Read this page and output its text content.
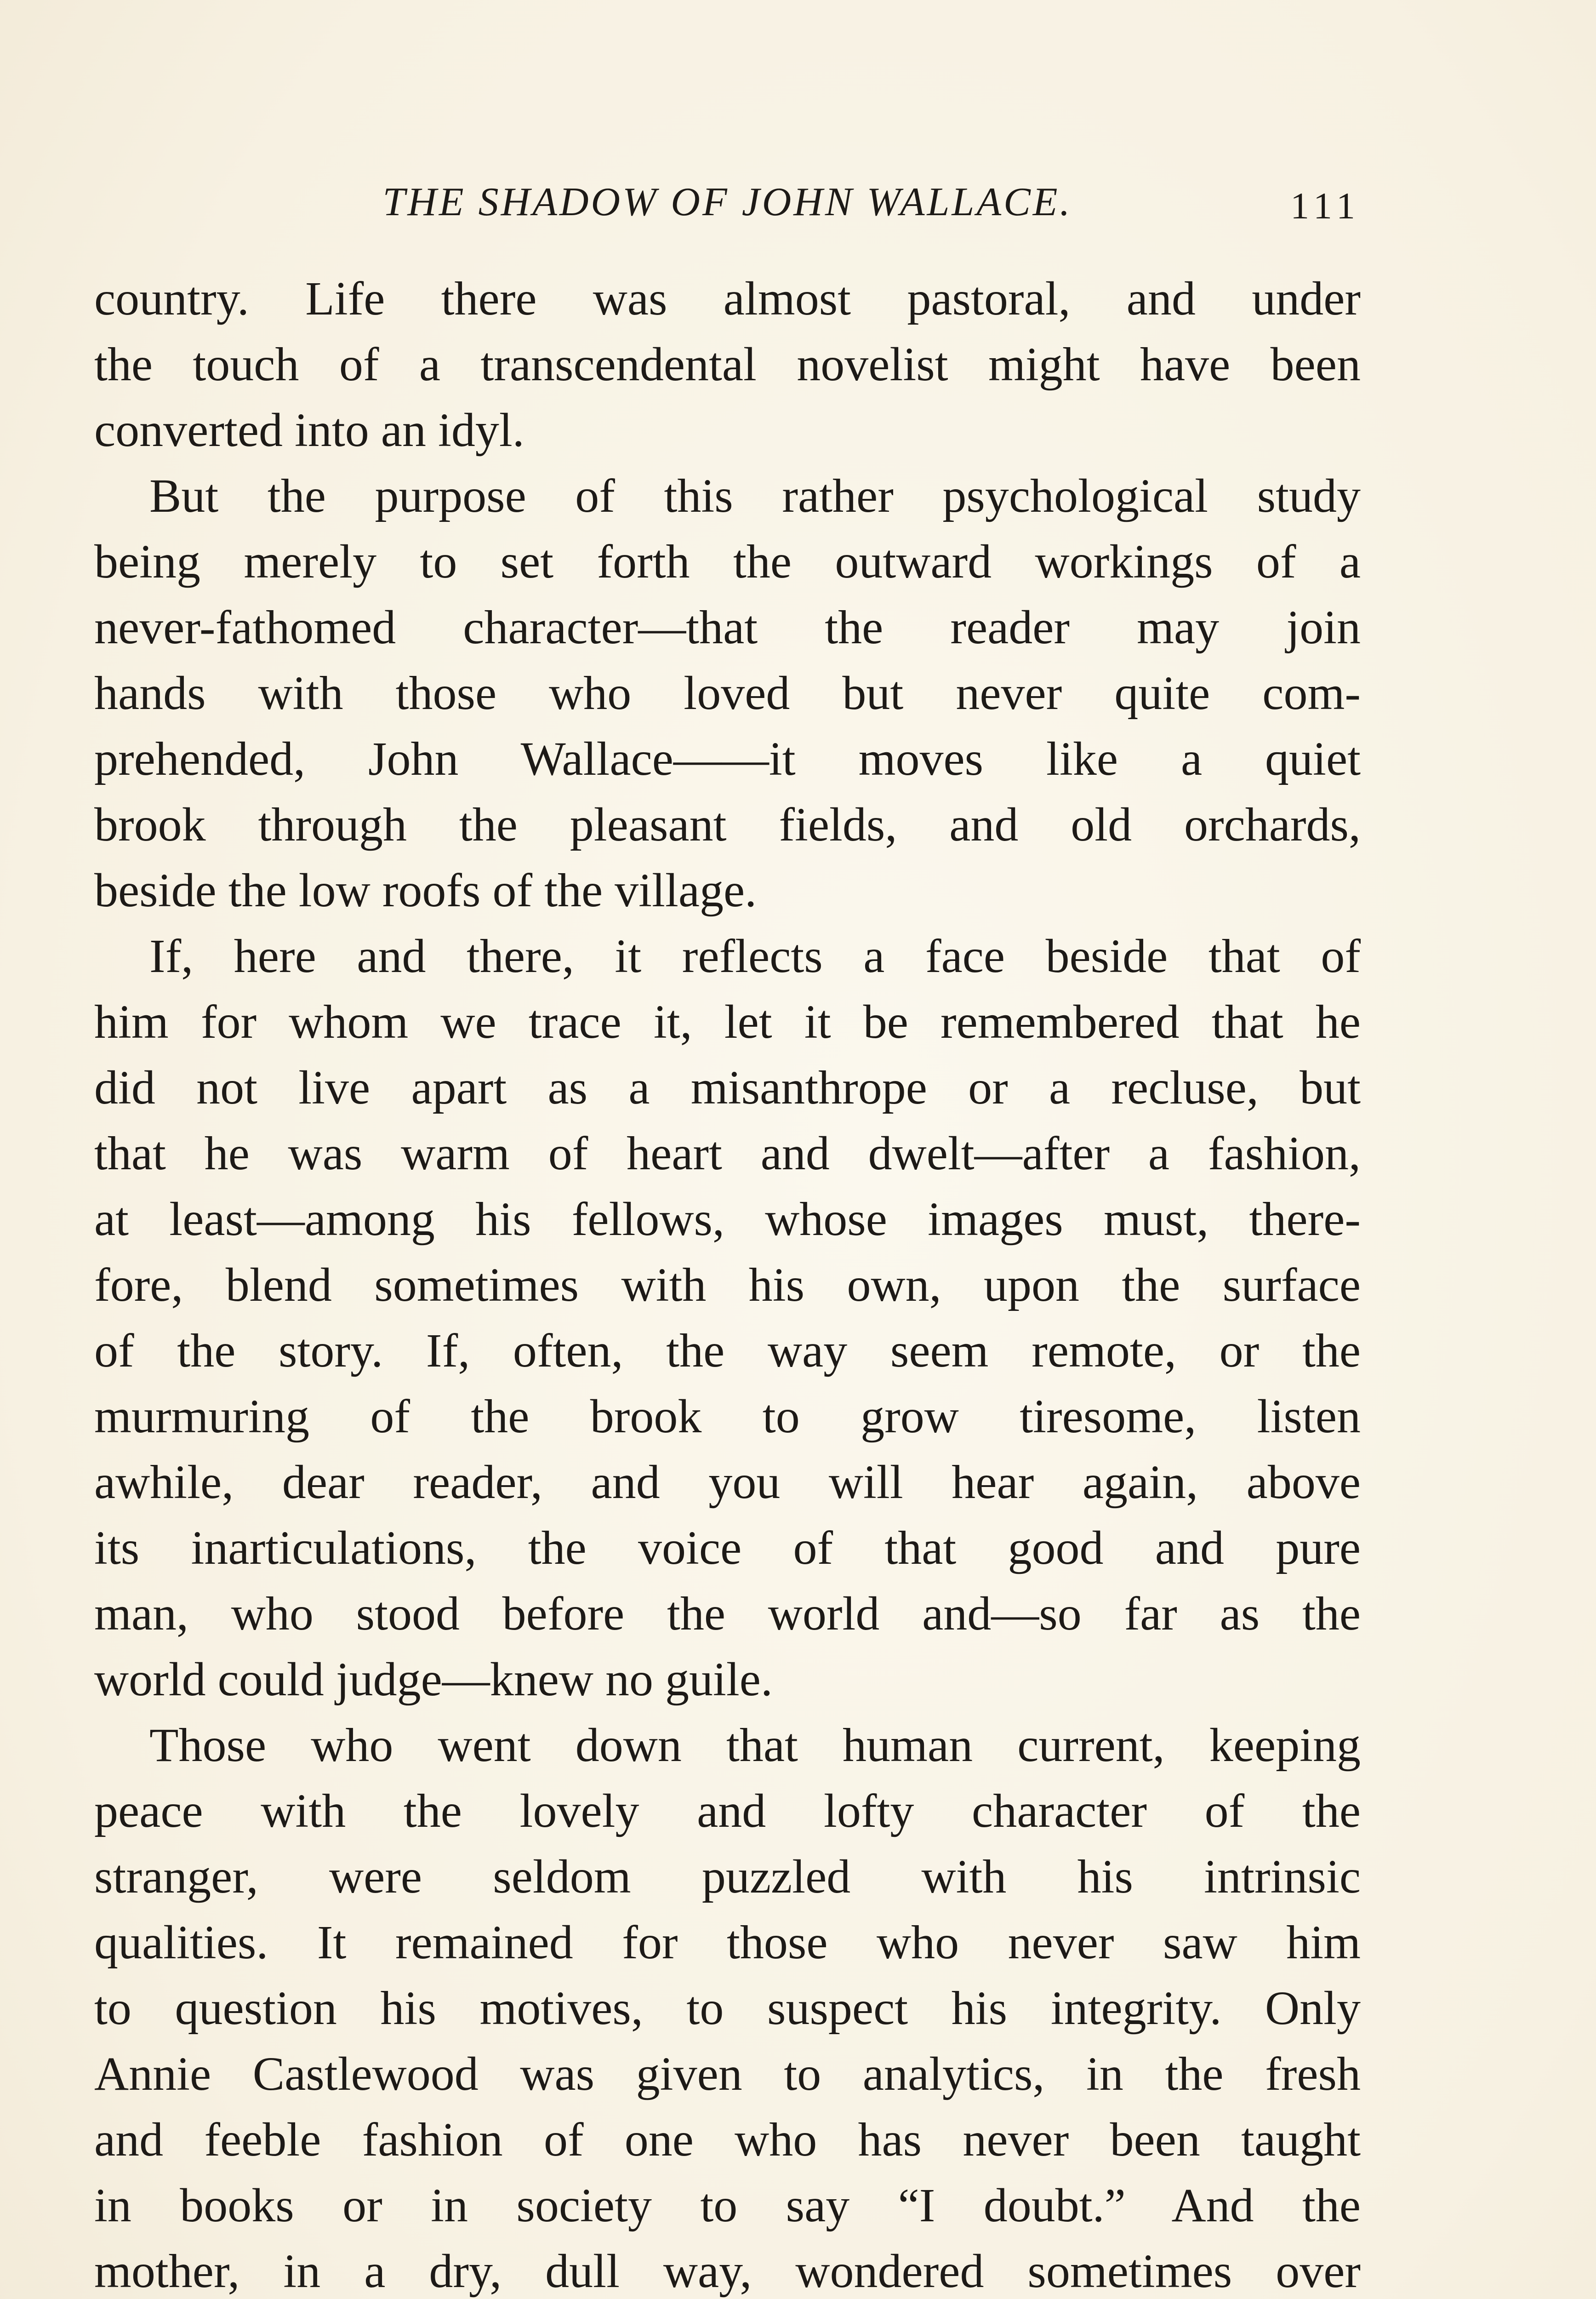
THE SHADOW OF JOHN WALLACE.	111
country. Life there was almost pastoral, and under
the touch of a transcendental novelist might have been
converted into an idyl.
But the purpose of this rather psychological study
being merely to set forth the outward workings of a
never-fathomed character—that the reader may join
hands with those who loved but never quite com-
prehended, John Wallace——it moves like a quiet
brook through the pleasant fields, and old orchards,
beside the low roofs of the village.
If, here and there, it reflects a face beside that of
him for whom we trace it, let it be remembered that he
did not live apart as a misanthrope or a recluse, but
that he was warm of heart and dwelt—after a fashion,
at least—among his fellows, whose images must, there-
fore, blend sometimes with his own, upon the surface
of the story. If, often, the way seem remote, or the
murmuring of the brook to grow tiresome, listen
awhile, dear reader, and you will hear again, above
its inarticulations, the voice of that good and pure
man, who stood before the world and—so far as the
world could judge—knew no guile.
Those who went down that human current, keeping
peace with the lovely and lofty character of the
stranger, were seldom puzzled with his intrinsic
qualities. It remained for those who never saw him
to question his motives, to suspect his integrity. Only
Annie Castlewood was given to analytics, in the fresh
and feeble fashion of one who has never been taught
in books or in society to say “I doubt.” And the
mother, in a dry, dull way, wondered sometimes over
